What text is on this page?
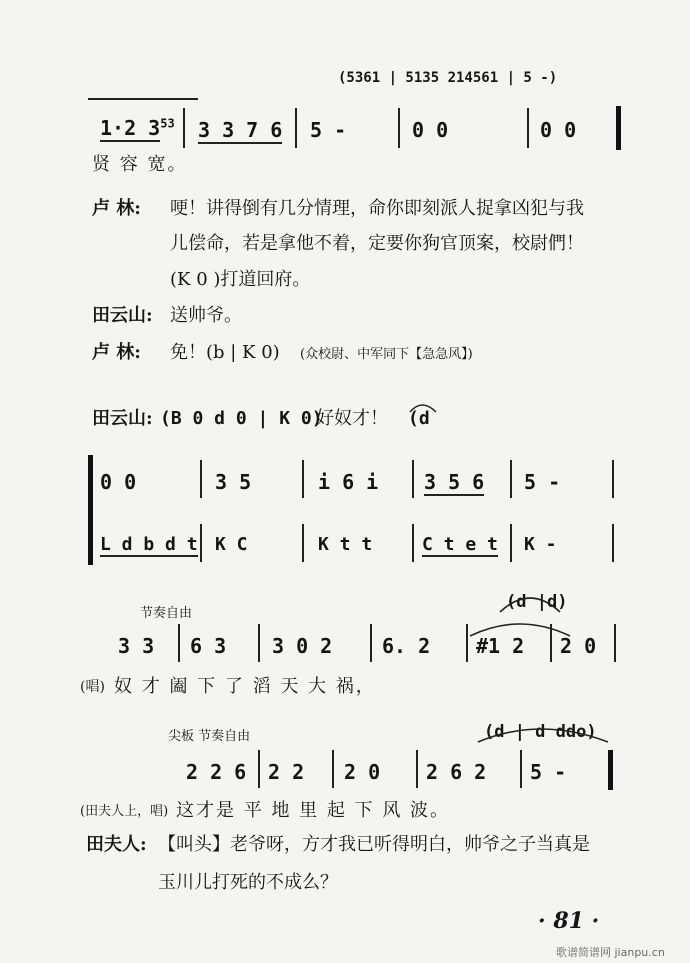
(5361 | 5135 214561 | 5 -)
1·2 $3^{53}$ 3 3 7 6 5 -	0 0	0 0
贤 容 宽。
卢 林: 哽！讲得倒有几分情理，命你即刻派人捉拿凶犯与我
儿偿命，若是拿他不着，定要你狗官顶案，校尉們！
(K 0 )打道回府。
田云山: 送帅爷。
卢 林: 免！(b | K 0) (众校尉、中军同下【急急风】)
田云山: (B 0 d 0 | K 0)
好奴才！ (d
0 0	3 5	i 6 i 3 5 6 5 -
L d b d t K C	K t t	C t e t K -
节奏自由
(d |d)
3 3 6 3 3 0 2 6. 2 #1 2 2 0
(唱) 奴 才 阖 下 了 滔 天 大 祸，
尖板 节奏自由	(d | d ddo)
2 2 6 2 2 2 0 2 6 2 5 -
(田夫人上，唱) 这才是 平 地 里 起 下 风 波。
田夫人: 【叫头】老爷呀，方才我已听得明白，帅爷之子当真是
玉川儿打死的不成么？
· 81 ·
歌谱简谱网 jianpu.cn
